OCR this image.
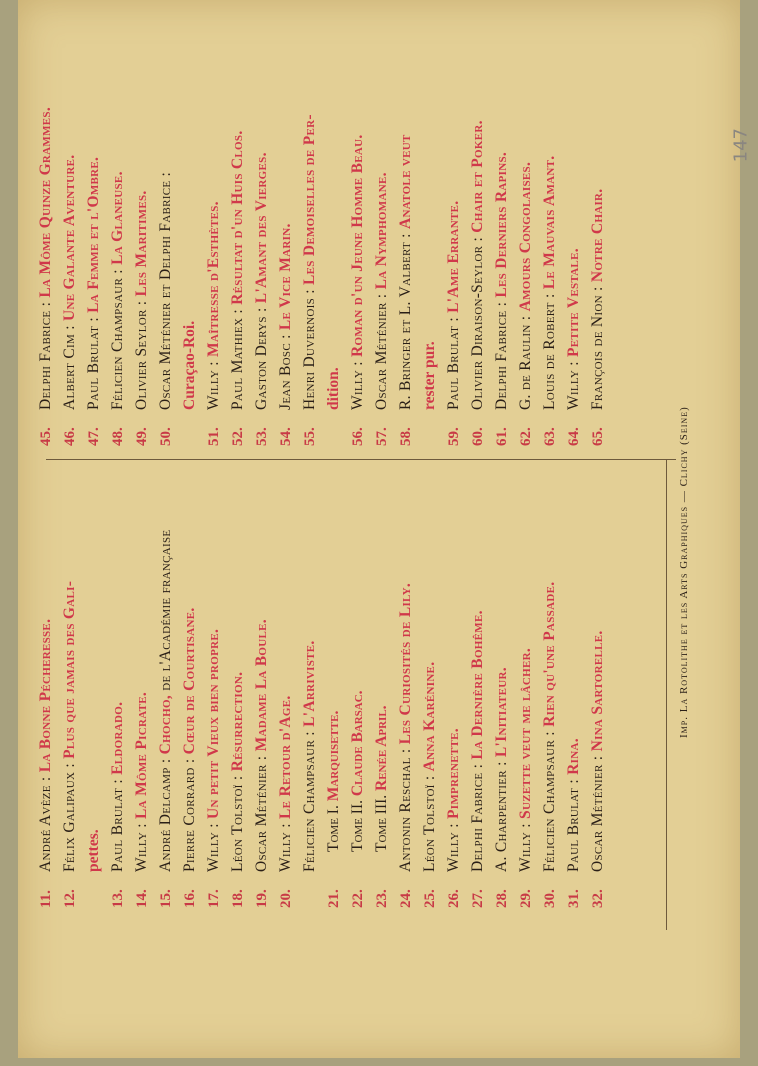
11.
André Avèze : La Bonne Pécheresse.
12.
Félix Galipaux : Plus que jamais des Gali-
pettes.
13.
Paul Brulat : Eldorado.
14.
Willy : La Môme Picrate.
15.
André Delcamp : Chocho, de l'Académie française
16.
Pierre Corrard : Cœur de Courtisane.
17.
Willy : Un petit Vieux bien propre.
18.
Léon Tolstoï : Résurrection.
19.
Oscar Méténier : Madame La Boule.
20.
Willy : Le Retour d'Age. Félicien Champsaur : L'Arriviste.
21.
Tome I. Marquisette.
22.
Tome II. Claude Barsac.
23.
Tome III. Renée April.
24.
Antonin Reschal : Les Curiosités de Lily.
25.
Léon Tolstoï : Anna Karénine.
26.
Willy : Pimprenette.
27.
Delphi Fabrice : La Dernière Bohême.
28.
A. Charpentier : L'Initiateur.
29.
Willy : Suzette veut me lâcher.
30.
Félicien Champsaur : Rien qu'une Passade.
31.
Paul Brulat : Rina.
32.
Oscar Méténier : Nina Sartorelle.
45.
Delphi Fabrice : La Môme Quinze Grammes.
46.
Albert Cim : Une Galante Aventure.
47.
Paul Brulat : La Femme et l'Ombre.
48.
Félicien Champsaur : La Glaneuse.
49.
Olivier Seylor : Les Maritimes.
50.
Oscar Méténier et Delphi Fabrice : Curaçao-Roi.
51.
Willy : Maîtresse d'Esthètes.
52.
Paul Mathiex : Résultat d'un Huis Clos.
53.
Gaston Derys : L'Amant des Vierges.
54.
Jean Bosc : Le Vice Marin.
55.
Henri Duvernois : Les Demoiselles de Per-
dition.
56.
Willy : Roman d'un Jeune Homme Beau.
57.
Oscar Méténier : La Nymphomane.
58.
R. Bringer et L. Valbert : Anatole veut
rester pur.
59.
Paul Brulat : L'Ame Errante.
60.
Olivier Diraison-Seylor : Chair et Poker.
61.
Delphi Fabrice : Les Derniers Rapins.
62.
G. de Raulin : Amours Congolaises.
63.
Louis de Robert : Le Mauvais Amant.
64.
Willy : Petite Vestale.
65.
François de Nion : Notre Chair.
Imp. La Rotolithe et les Arts Graphiques — Clichy (Seine)
147
